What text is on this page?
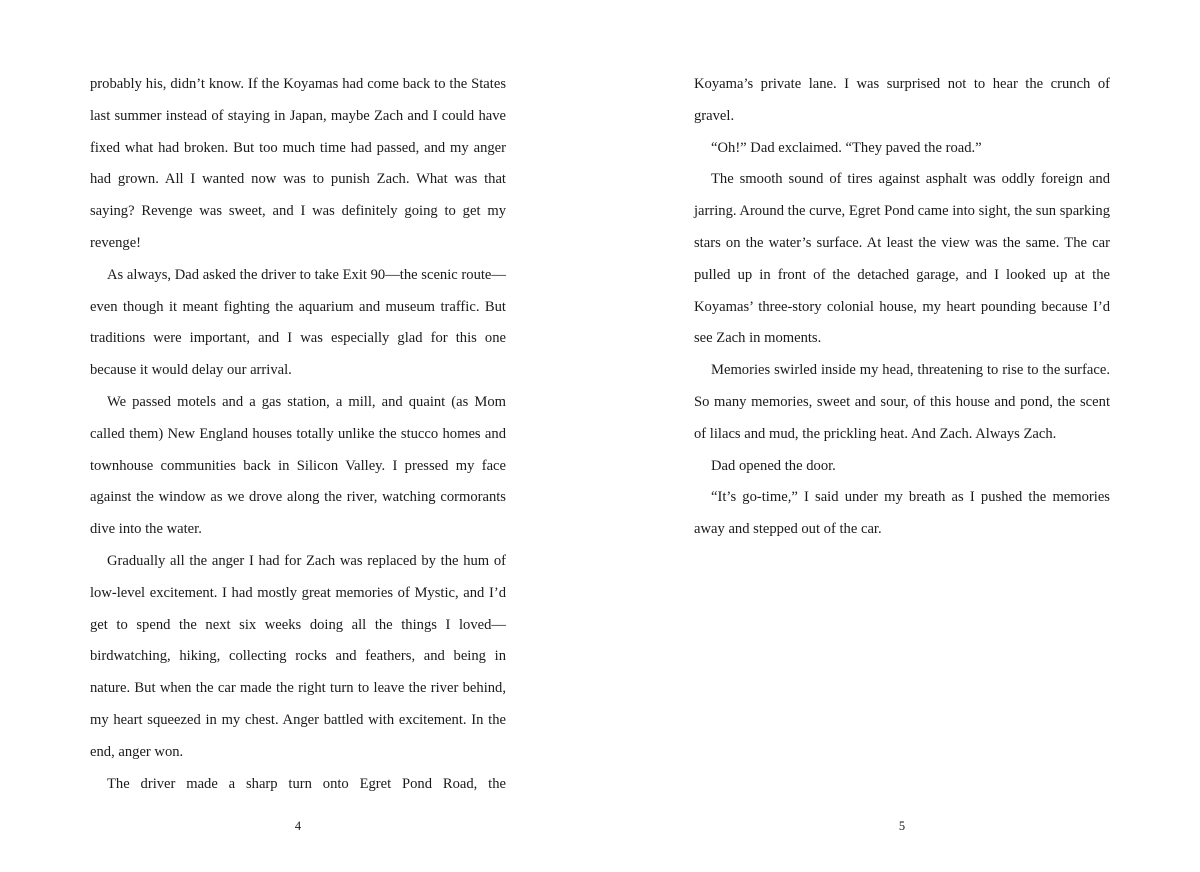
probably his, didn’t know. If the Koyamas had come back to the States last summer instead of staying in Japan, maybe Zach and I could have fixed what had broken. But too much time had passed, and my anger had grown. All I wanted now was to punish Zach. What was that saying? Revenge was sweet, and I was definitely going to get my revenge!

As always, Dad asked the driver to take Exit 90—the scenic route—even though it meant fighting the aquarium and museum traffic. But traditions were important, and I was especially glad for this one because it would delay our arrival.

We passed motels and a gas station, a mill, and quaint (as Mom called them) New England houses totally unlike the stucco homes and townhouse communities back in Silicon Valley. I pressed my face against the window as we drove along the river, watching cormorants dive into the water.

Gradually all the anger I had for Zach was replaced by the hum of low-level excitement. I had mostly great memories of Mystic, and I’d get to spend the next six weeks doing all the things I loved—birdwatching, hiking, collecting rocks and feathers, and being in nature. But when the car made the right turn to leave the river behind, my heart squeezed in my chest. Anger battled with excitement. In the end, anger won.

The driver made a sharp turn onto Egret Pond Road, the

4

Koyama’s private lane. I was surprised not to hear the crunch of gravel.

“Oh!” Dad exclaimed. “They paved the road.”

The smooth sound of tires against asphalt was oddly foreign and jarring. Around the curve, Egret Pond came into sight, the sun sparking stars on the water’s surface. At least the view was the same. The car pulled up in front of the detached garage, and I looked up at the Koyamas’ three-story colonial house, my heart pounding because I’d see Zach in moments.

Memories swirled inside my head, threatening to rise to the surface. So many memories, sweet and sour, of this house and pond, the scent of lilacs and mud, the prickling heat. And Zach. Always Zach.

Dad opened the door.

“It’s go-time,” I said under my breath as I pushed the memories away and stepped out of the car.

5
